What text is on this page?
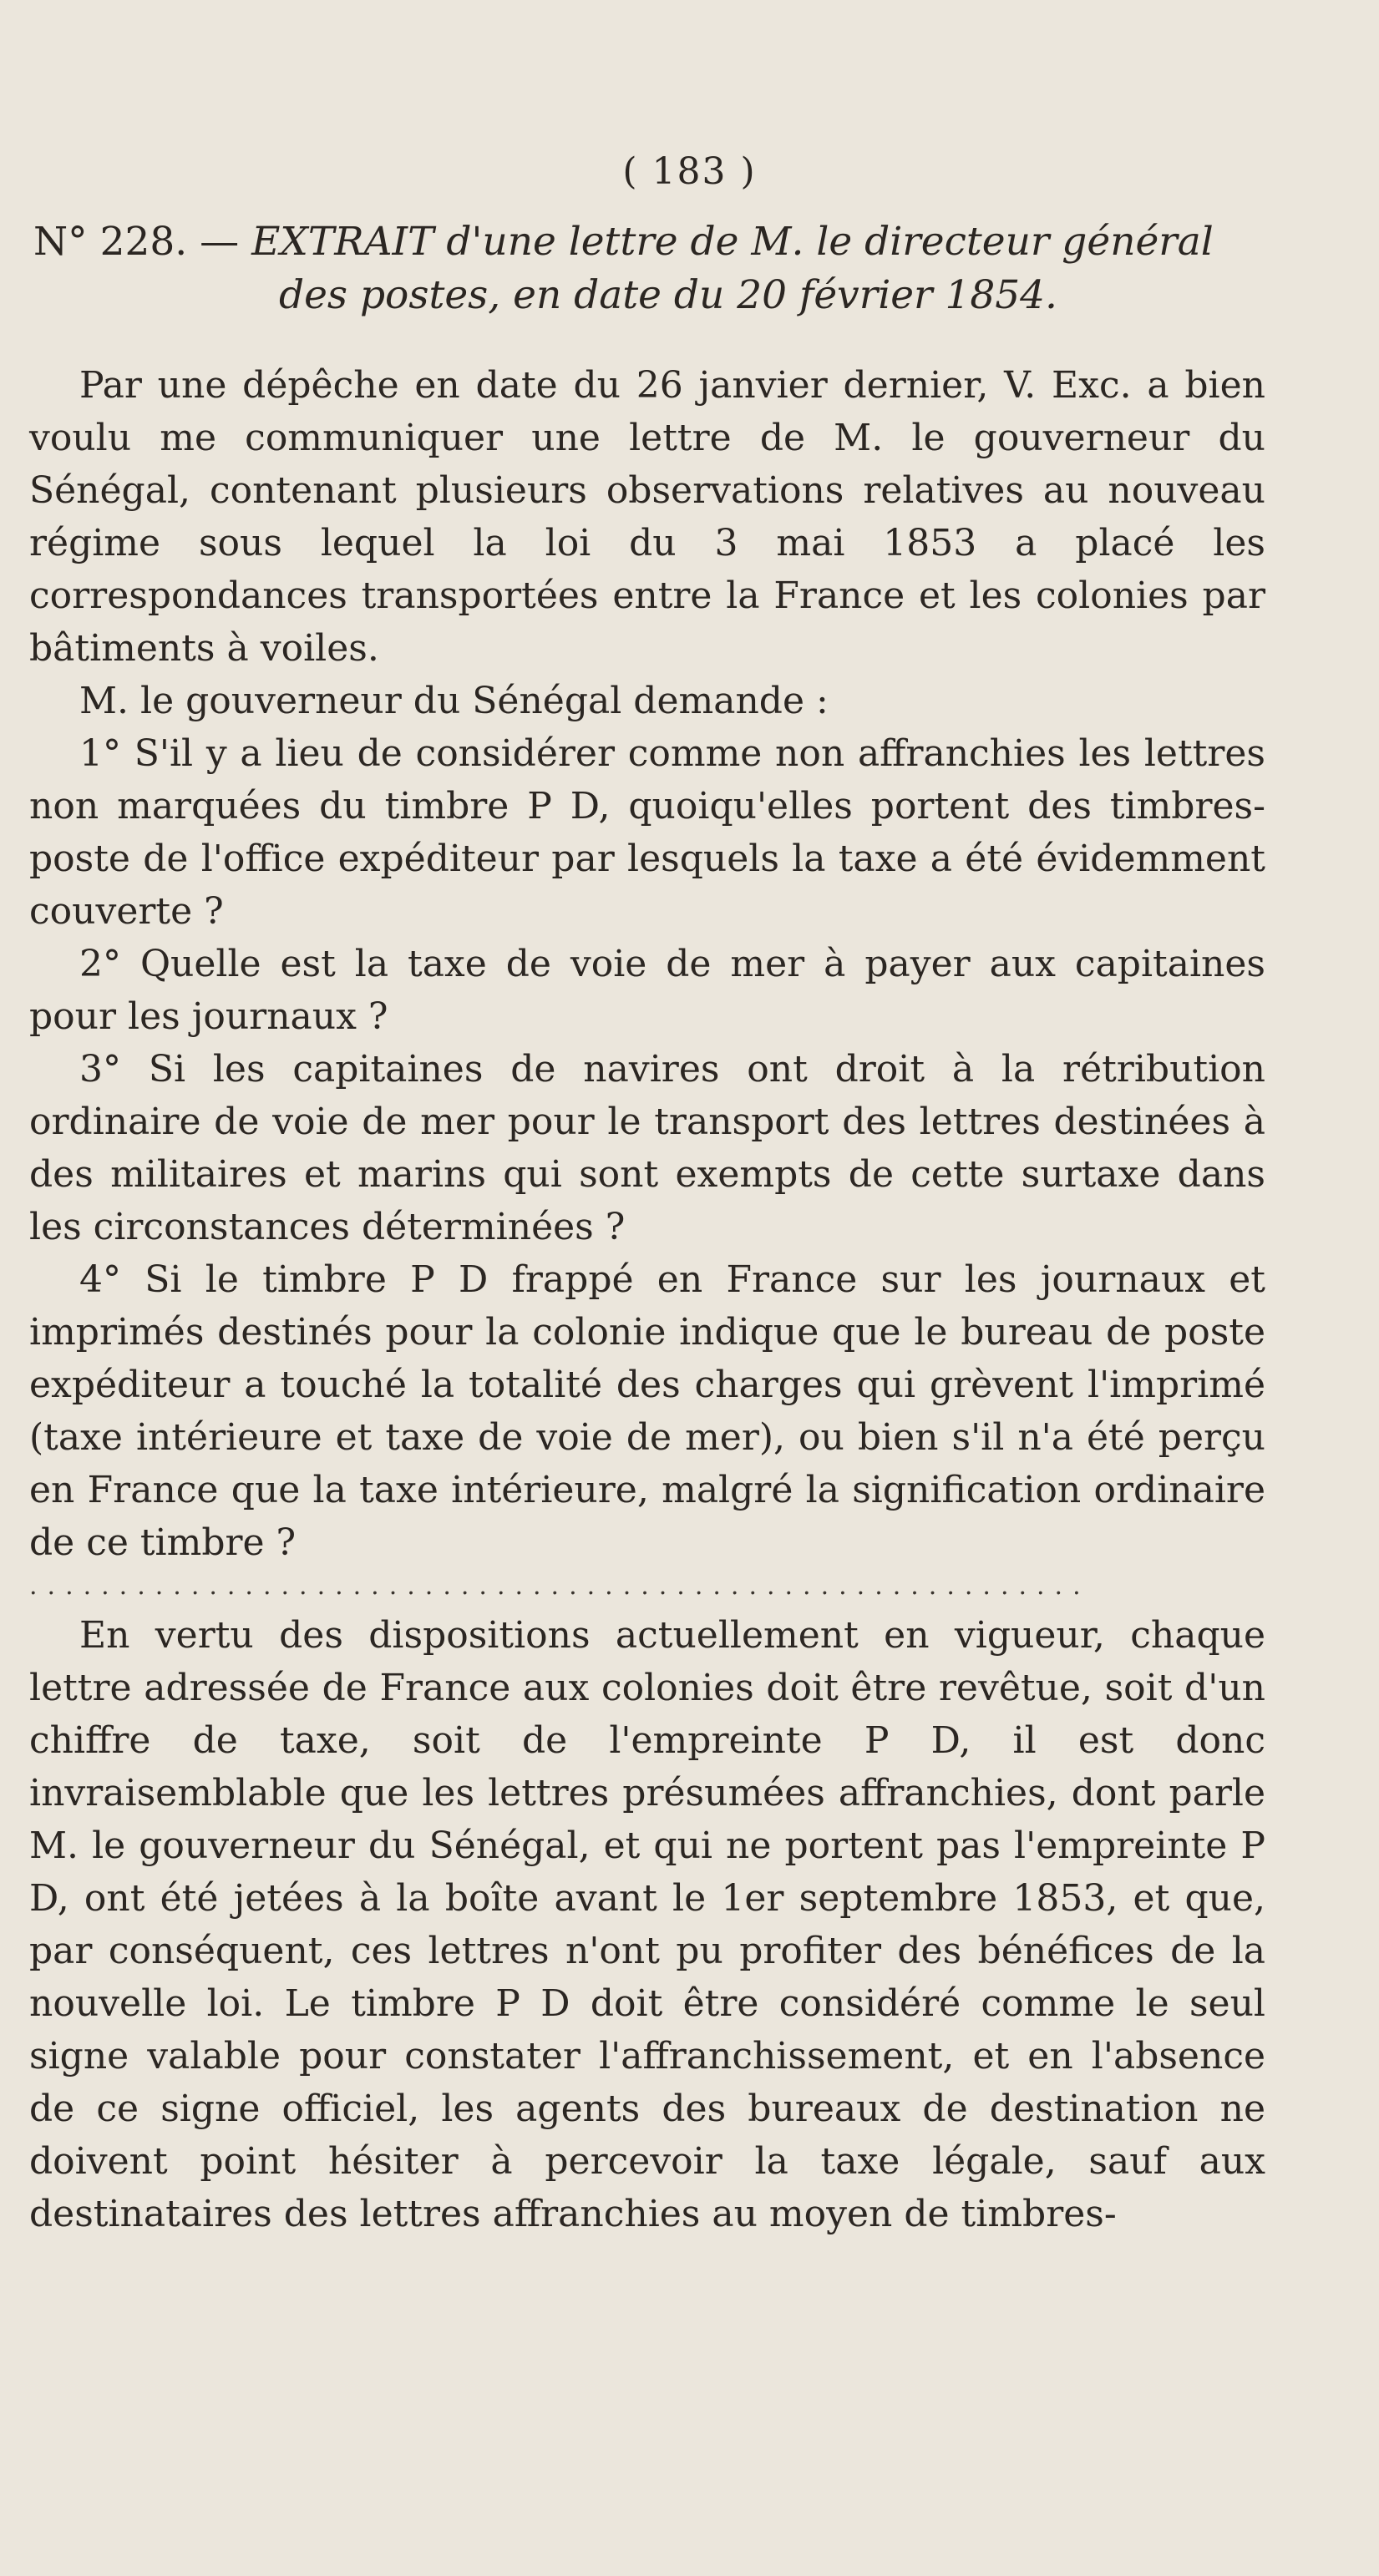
( 183 )
N° 228. — EXTRAIT d'une lettre de M. le directeur général
des postes, en date du 20 février 1854.

Par une dépêche en date du 26 janvier dernier, V. Exc. a bien voulu me communiquer une lettre de M. le gouverneur du Sénégal, contenant plusieurs observations relatives au nouveau régime sous lequel la loi du 3 mai 1853 a placé les correspondances transportées entre la France et les colonies par bâtiments à voiles.

M. le gouverneur du Sénégal demande :

1° S'il y a lieu de considérer comme non affranchies les lettres non marquées du timbre P D, quoiqu'elles portent des timbres-poste de l'office expéditeur par lesquels la taxe a été évidemment couverte ?

2° Quelle est la taxe de voie de mer à payer aux capitaines pour les journaux ?

3° Si les capitaines de navires ont droit à la rétribution ordinaire de voie de mer pour le transport des lettres destinées à des militaires et marins qui sont exempts de cette surtaxe dans les circonstances déterminées ?

4° Si le timbre P D frappé en France sur les journaux et imprimés destinés pour la colonie indique que le bureau de poste expéditeur a touché la totalité des charges qui grèvent l'imprimé (taxe intérieure et taxe de voie de mer), ou bien s'il n'a été perçu en France que la taxe intérieure, malgré la signification ordinaire de ce timbre ?

...........................................................

En vertu des dispositions actuellement en vigueur, chaque lettre adressée de France aux colonies doit être revêtue, soit d'un chiffre de taxe, soit de l'empreinte P D, il est donc invraisemblable que les lettres présumées affranchies, dont parle M. le gouverneur du Sénégal, et qui ne portent pas l'empreinte P D, ont été jetées à la boîte avant le 1er septembre 1853, et que, par conséquent, ces lettres n'ont pu profiter des bénéfices de la nouvelle loi. Le timbre P D doit être considéré comme le seul signe valable pour constater l'affranchissement, et en l'absence de ce signe officiel, les agents des bureaux de destination ne doivent point hésiter à percevoir la taxe légale, sauf aux destinataires des lettres affranchies au moyen de timbres-
